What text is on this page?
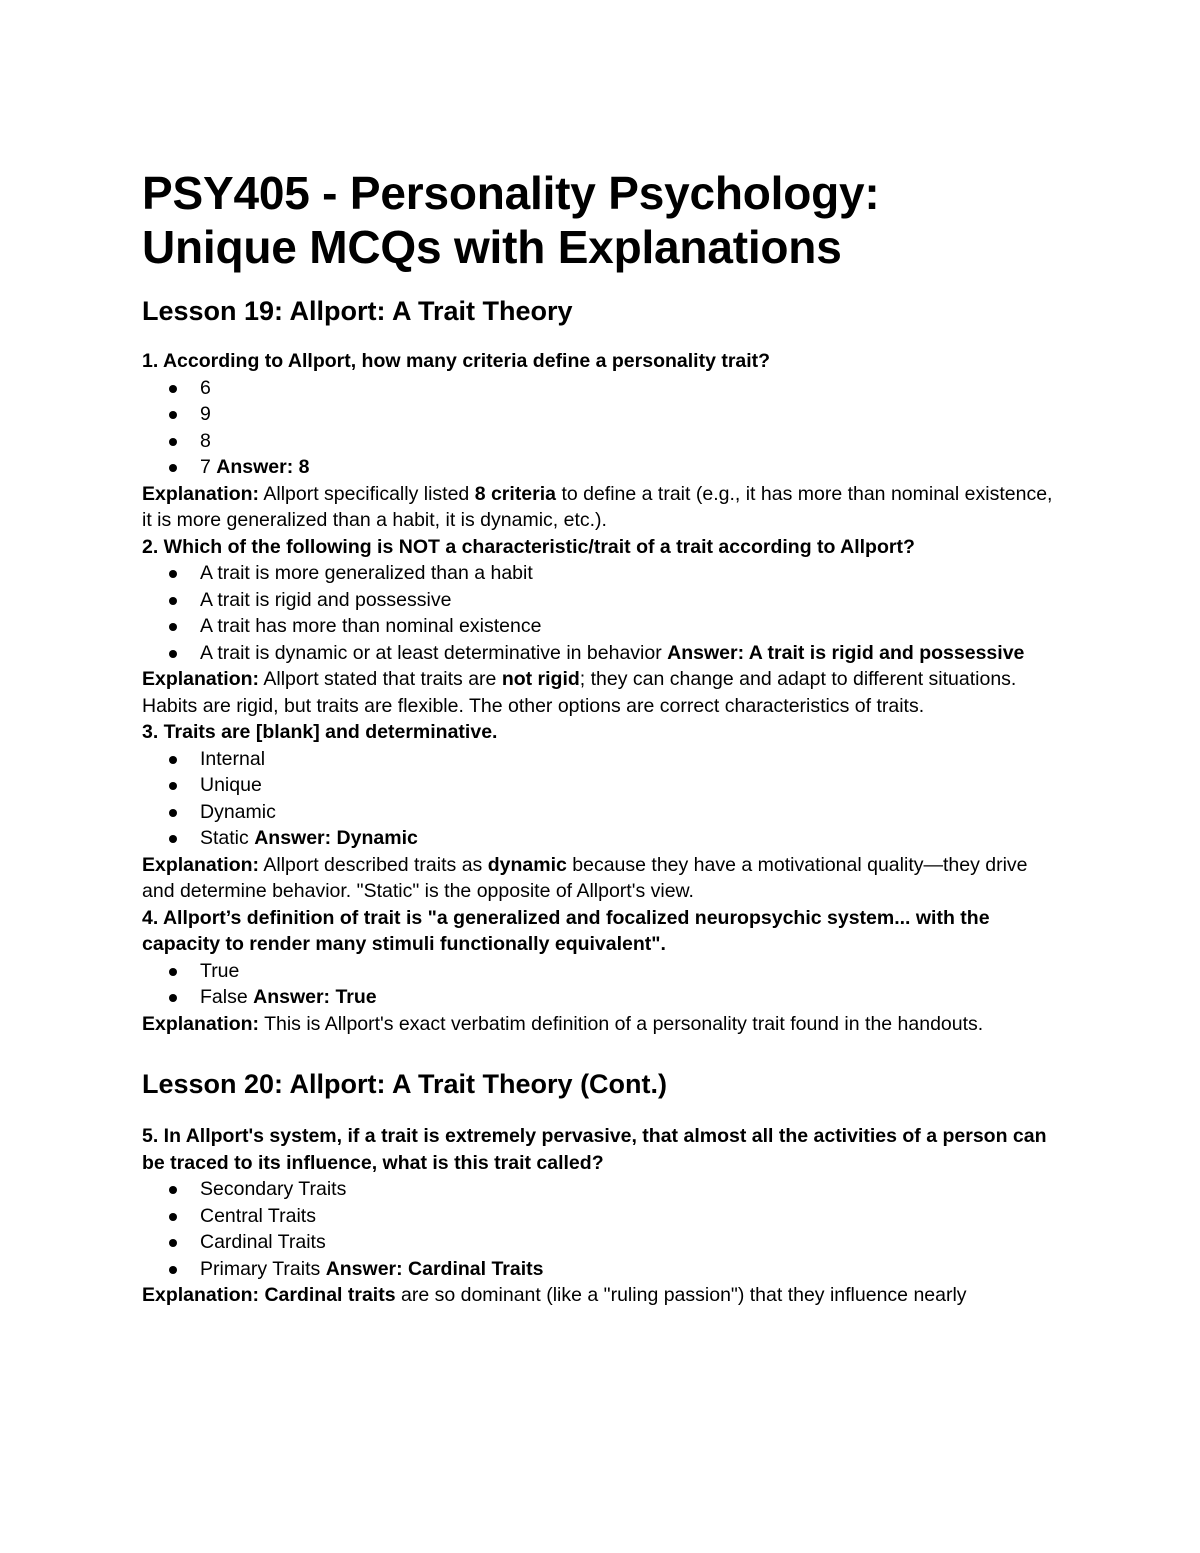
PSY405 - Personality Psychology:
Unique MCQs with Explanations
Lesson 19: Allport: A Trait Theory

1. According to Allport, how many criteria define a personality trait?

6
9
8
7 Answer: 8

Explanation: Allport specifically listed 8 criteria to define a trait (e.g., it has more than nominal existence, it is more generalized than a habit, it is dynamic, etc.).

2. Which of the following is NOT a characteristic/trait of a trait according to Allport?

A trait is more generalized than a habit
A trait is rigid and possessive
A trait has more than nominal existence
A trait is dynamic or at least determinative in behavior Answer: A trait is rigid and possessive

Explanation: Allport stated that traits are not rigid; they can change and adapt to different situations. Habits are rigid, but traits are flexible. The other options are correct characteristics of traits.

3. Traits are [blank] and determinative.

Internal
Unique
Dynamic
Static Answer: Dynamic

Explanation: Allport described traits as dynamic because they have a motivational quality—they drive and determine behavior. "Static" is the opposite of Allport's view.

4. Allport’s definition of trait is "a generalized and focalized neuropsychic system... with the capacity to render many stimuli functionally equivalent".

True
False Answer: True

Explanation: This is Allport's exact verbatim definition of a personality trait found in the handouts.

Lesson 20: Allport: A Trait Theory (Cont.)

5. In Allport's system, if a trait is extremely pervasive, that almost all the activities of a person can be traced to its influence, what is this trait called?

Secondary Traits
Central Traits
Cardinal Traits
Primary Traits Answer: Cardinal Traits

Explanation: Cardinal traits are so dominant (like a "ruling passion") that they influence nearly
